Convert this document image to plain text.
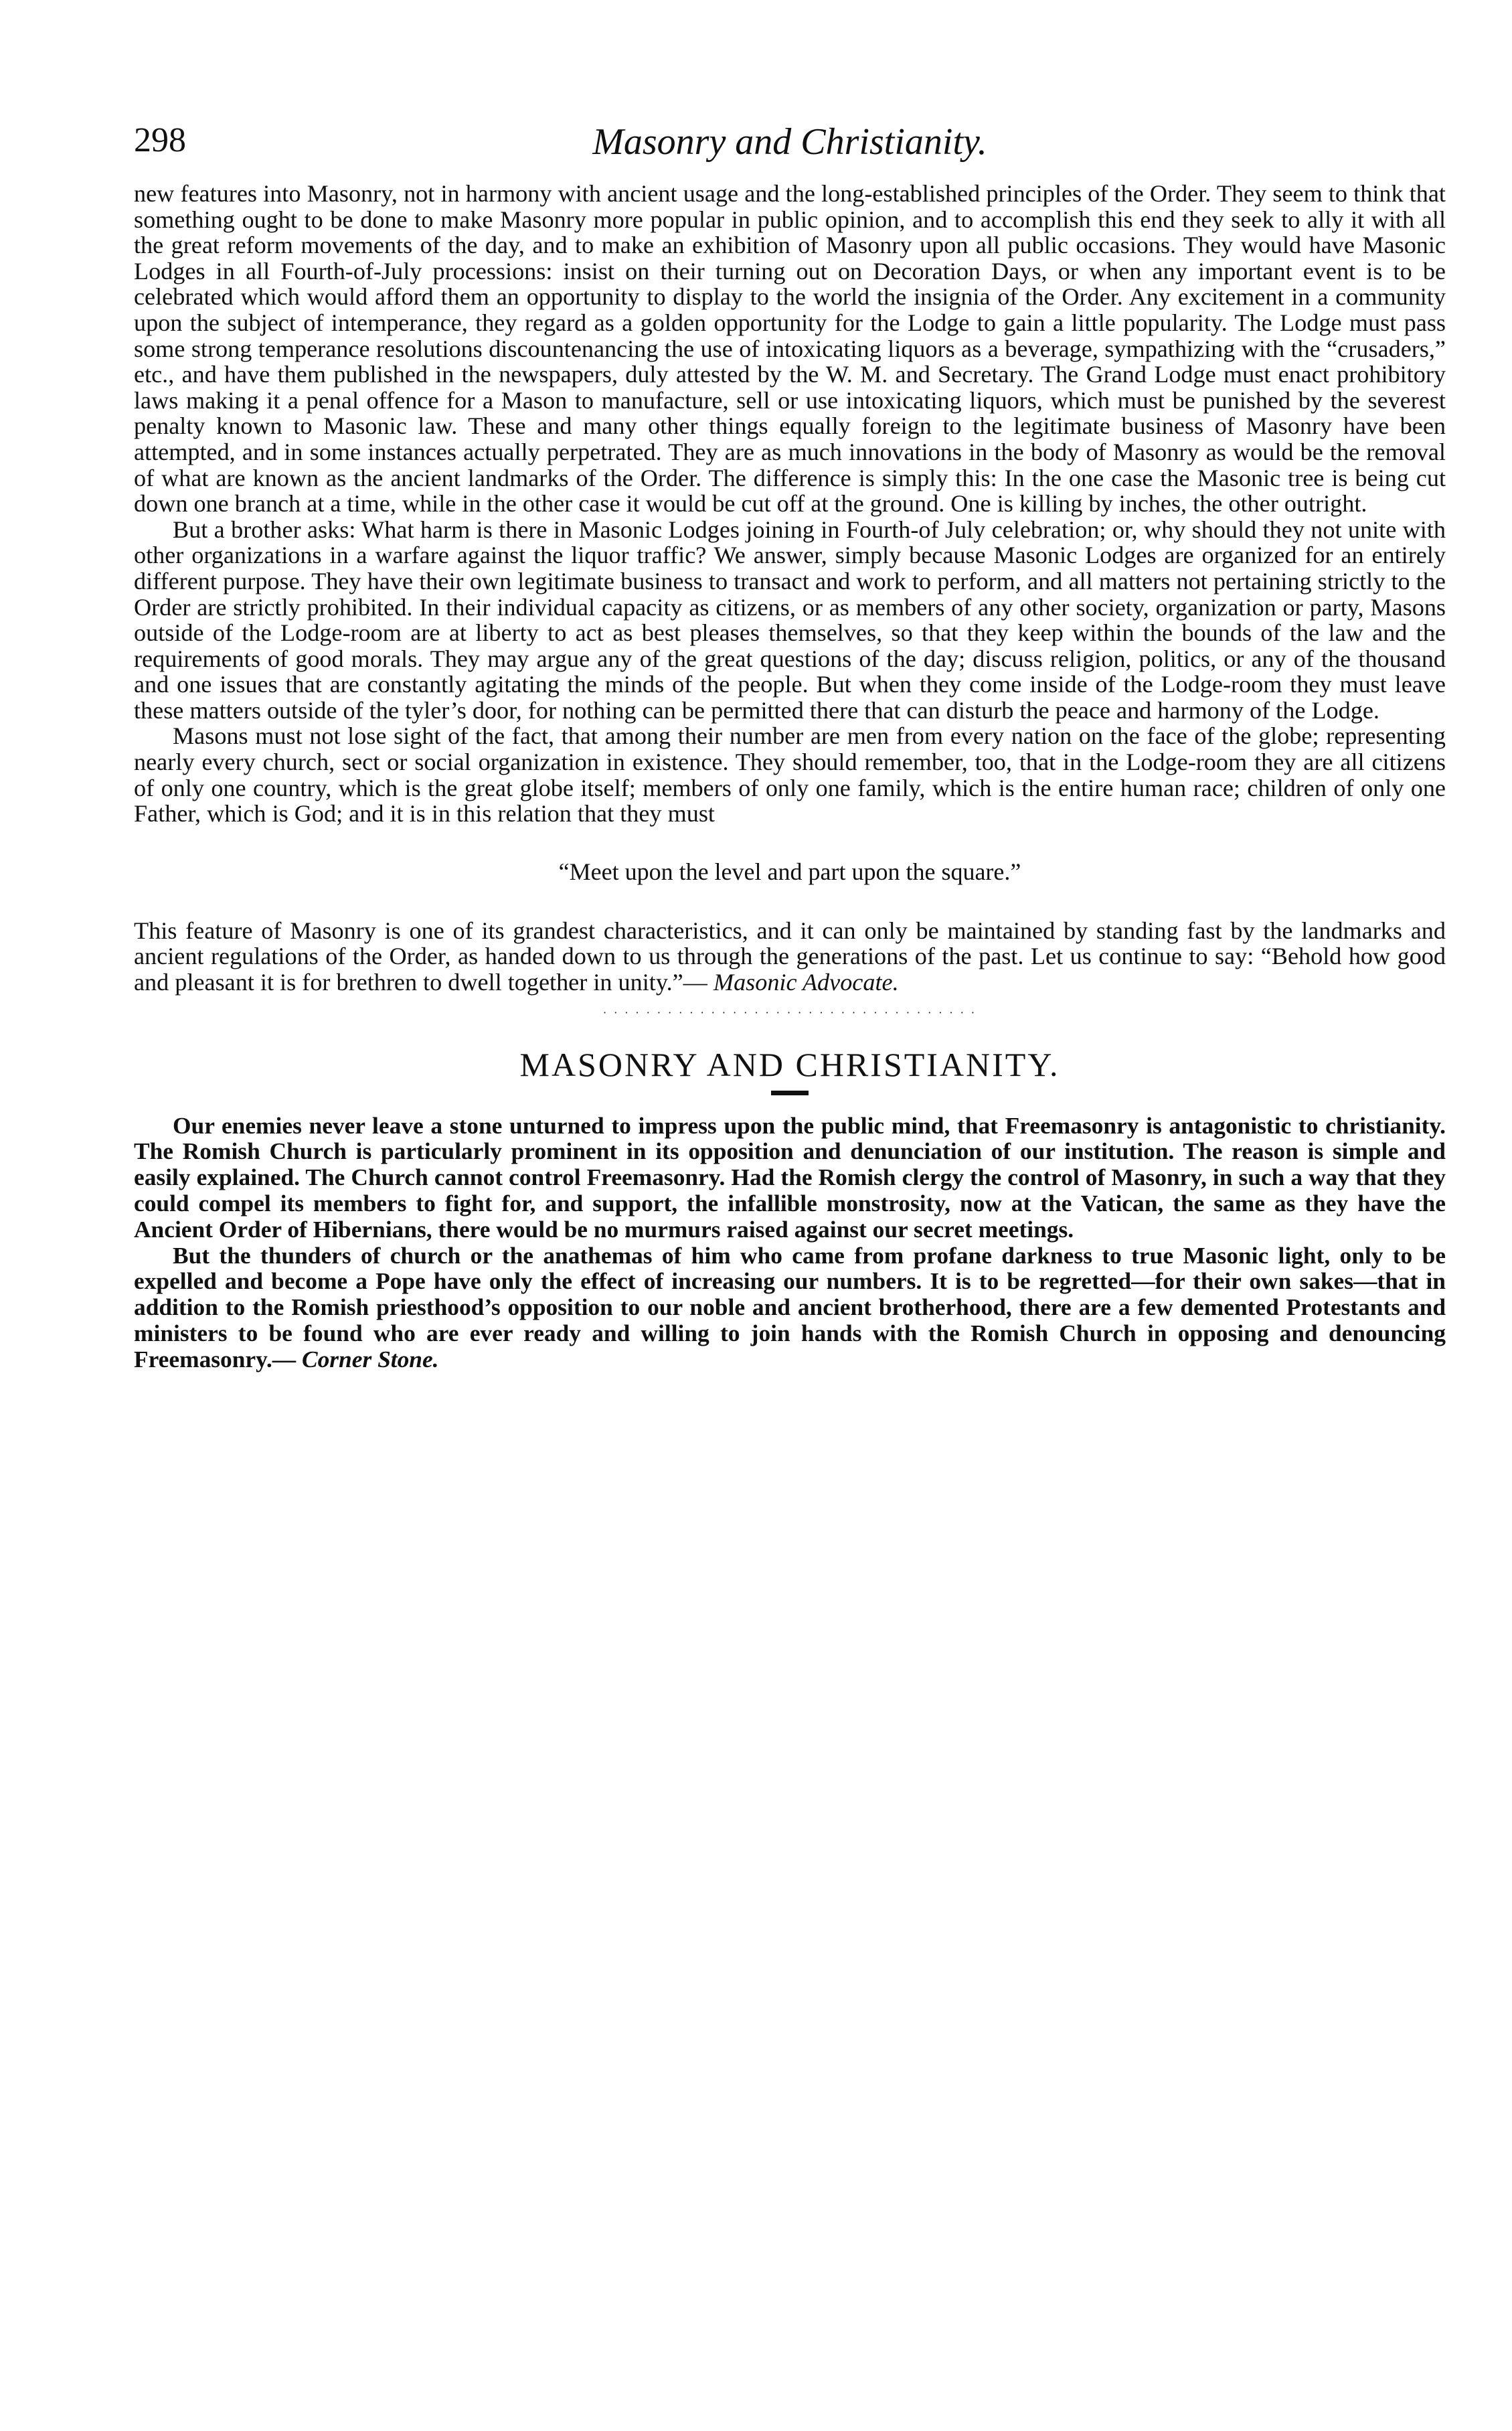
298	Masonry and Christianity.

new features into Masonry, not in harmony with ancient usage and the long-established principles of the Order. They seem to think that something ought to be done to make Masonry more popular in public opinion, and to accomplish this end they seek to ally it with all the great reform movements of the day, and to make an exhibition of Masonry upon all public occasions. They would have Masonic Lodges in all Fourth-of-July processions: insist on their turning out on Decoration Days, or when any important event is to be celebrated which would afford them an opportunity to display to the world the insignia of the Order. Any excitement in a community upon the subject of intemperance, they regard as a golden opportunity for the Lodge to gain a little popularity. The Lodge must pass some strong temperance resolutions discountenancing the use of intoxicating liquors as a beverage, sympathizing with the “crusaders,” etc., and have them published in the newspapers, duly attested by the W. M. and Secretary. The Grand Lodge must enact prohibitory laws making it a penal offence for a Mason to manufacture, sell or use intoxicating liquors, which must be punished by the severest penalty known to Masonic law. These and many other things equally foreign to the legitimate business of Masonry have been attempted, and in some instances actually perpetrated. They are as much innovations in the body of Masonry as would be the removal of what are known as the ancient landmarks of the Order. The difference is simply this: In the one case the Masonic tree is being cut down one branch at a time, while in the other case it would be cut off at the ground. One is killing by inches, the other outright.

But a brother asks: What harm is there in Masonic Lodges joining in Fourth-of July celebration; or, why should they not unite with other organizations in a warfare against the liquor traffic? We answer, simply because Masonic Lodges are organized for an entirely different purpose. They have their own legitimate business to transact and work to perform, and all matters not pertaining strictly to the Order are strictly prohibited. In their individual capacity as citizens, or as members of any other society, organization or party, Masons outside of the Lodge-room are at liberty to act as best pleases themselves, so that they keep within the bounds of the law and the requirements of good morals. They may argue any of the great questions of the day; discuss religion, politics, or any of the thousand and one issues that are constantly agitating the minds of the people. But when they come inside of the Lodge-room they must leave these matters outside of the tyler’s door, for nothing can be permitted there that can disturb the peace and harmony of the Lodge.

Masons must not lose sight of the fact, that among their number are men from every nation on the face of the globe; representing nearly every church, sect or social organization in existence. They should remember, too, that in the Lodge-room they are all citizens of only one country, which is the great globe itself; members of only one family, which is the entire human race; children of only one Father, which is God; and it is in this relation that they must

“Meet upon the level and part upon the square.”

This feature of Masonry is one of its grandest characteristics, and it can only be maintained by standing fast by the landmarks and ancient regulations of the Order, as handed down to us through the generations of the past. Let us continue to say: “Behold how good and pleasant it is for brethren to dwell together in unity.”— Masonic Advocate.

· · · · · · · · · · · · · · · · · · · · · · · · · · · · · · · · · · ·
MASONRY AND CHRISTIANITY.

Our enemies never leave a stone unturned to impress upon the public mind, that Freemasonry is antagonistic to christianity. The Romish Church is particularly prominent in its opposition and denunciation of our institution. The reason is simple and easily explained. The Church cannot control Freemasonry. Had the Romish clergy the control of Masonry, in such a way that they could compel its members to fight for, and support, the infallible monstrosity, now at the Vatican, the same as they have the Ancient Order of Hibernians, there would be no murmurs raised against our secret meetings.

But the thunders of church or the anathemas of him who came from profane darkness to true Masonic light, only to be expelled and become a Pope have only the effect of increasing our numbers. It is to be regretted—for their own sakes—that in addition to the Romish priesthood’s opposition to our noble and ancient brotherhood, there are a few demented Protestants and ministers to be found who are ever ready and willing to join hands with the Romish Church in opposing and denouncing Freemasonry.— Corner Stone.
